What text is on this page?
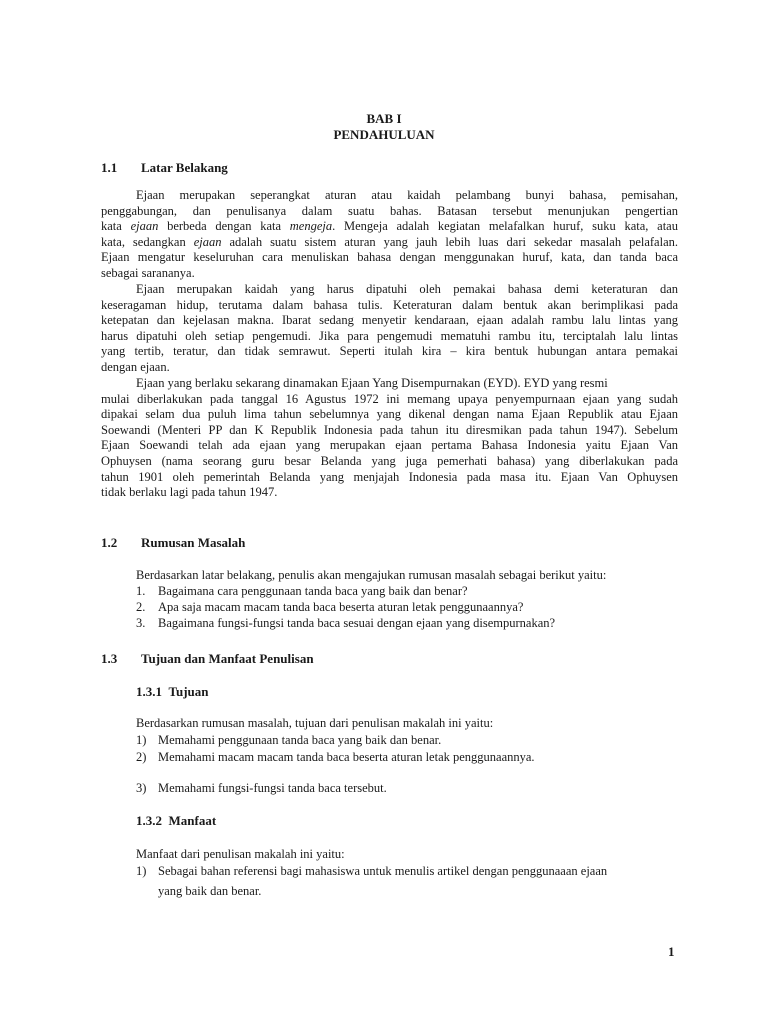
BAB I
PENDAHULUAN
1.1 Latar Belakang
Ejaan merupakan seperangkat aturan atau kaidah pelambang bunyi bahasa, pemisahan,
penggabungan, dan penulisanya dalam suatu bahas. Batasan tersebut menunjukan pengertian
kata ejaan berbeda dengan kata mengeja. Mengeja adalah kegiatan melafalkan huruf, suku kata, atau
kata, sedangkan ejaan adalah suatu sistem aturan yang jauh lebih luas dari sekedar masalah pelafalan.
Ejaan mengatur keseluruhan cara menuliskan bahasa dengan menggunakan huruf, kata, dan tanda baca
sebagai sarananya.
Ejaan merupakan kaidah yang harus dipatuhi oleh pemakai bahasa demi keteraturan dan
keseragaman hidup, terutama dalam bahasa tulis. Keteraturan dalam bentuk akan berimplikasi pada
ketepatan dan kejelasan makna. Ibarat sedang menyetir kendaraan, ejaan adalah rambu lalu lintas yang
harus dipatuhi oleh setiap pengemudi. Jika para pengemudi mematuhi rambu itu, terciptalah lalu lintas
yang tertib, teratur, dan tidak semrawut. Seperti itulah kira – kira bentuk hubungan antara pemakai
dengan ejaan.
Ejaan yang berlaku sekarang dinamakan Ejaan Yang Disempurnakan (EYD). EYD yang resmi
mulai diberlakukan pada tanggal 16 Agustus 1972 ini memang upaya penyempurnaan ejaan yang sudah
dipakai selam dua puluh lima tahun sebelumnya yang dikenal dengan nama Ejaan Republik atau Ejaan
Soewandi (Menteri PP dan K Republik Indonesia pada tahun itu diresmikan pada tahun 1947). Sebelum
Ejaan Soewandi telah ada ejaan yang merupakan ejaan pertama Bahasa Indonesia yaitu Ejaan Van
Ophuysen (nama seorang guru besar Belanda yang juga pemerhati bahasa) yang diberlakukan pada
tahun 1901 oleh pemerintah Belanda yang menjajah Indonesia pada masa itu. Ejaan Van Ophuysen
tidak berlaku lagi pada tahun 1947.
1.2 Rumusan Masalah
Berdasarkan latar belakang, penulis akan mengajukan rumusan masalah sebagai berikut yaitu:
1. Bagaimana cara penggunaan tanda baca yang baik dan benar?
2. Apa saja macam macam tanda baca beserta aturan letak penggunaannya?
3. Bagaimana fungsi-fungsi tanda baca sesuai dengan ejaan yang disempurnakan?
1.3 Tujuan dan Manfaat Penulisan
1.3.1 Tujuan
Berdasarkan rumusan masalah, tujuan dari penulisan makalah ini yaitu:
1) Memahami penggunaan tanda baca yang baik dan benar.
2) Memahami macam macam tanda baca beserta aturan letak penggunaannya.
3) Memahami fungsi-fungsi tanda baca tersebut.
1.3.2 Manfaat
Manfaat dari penulisan makalah ini yaitu:
1) Sebagai bahan referensi bagi mahasiswa untuk menulis artikel dengan penggunaaan ejaan
yang baik dan benar.
1
